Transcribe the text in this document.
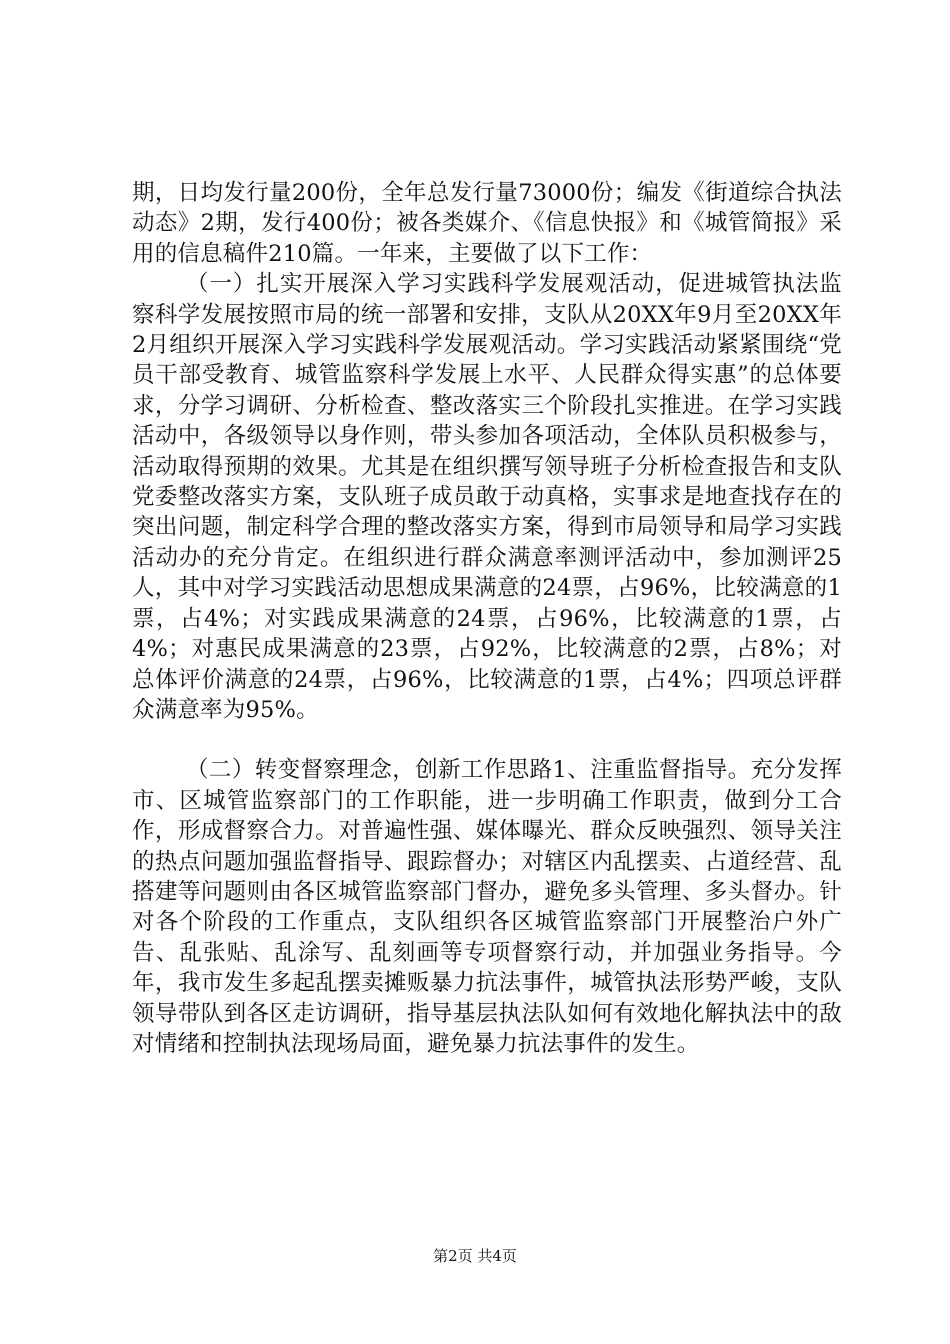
期，日均发行量200份，全年总发行量73000份；编发《街道综合执法动态》2期，发行400份；被各类媒介、《信息快报》和《城管简报》采用的信息稿件210篇。一年来，主要做了以下工作：

（一）扎实开展深入学习实践科学发展观活动，促进城管执法监察科学发展按照市局的统一部署和安排，支队从20XX年9月至20XX年2月组织开展深入学习实践科学发展观活动。学习实践活动紧紧围绕“党员干部受教育、城管监察科学发展上水平、人民群众得实惠”的总体要求，分学习调研、分析检查、整改落实三个阶段扎实推进。在学习实践活动中，各级领导以身作则，带头参加各项活动，全体队员积极参与，活动取得预期的效果。尤其是在组织撰写领导班子分析检查报告和支队党委整改落实方案，支队班子成员敢于动真格，实事求是地查找存在的突出问题，制定科学合理的整改落实方案，得到市局领导和局学习实践活动办的充分肯定。在组织进行群众满意率测评活动中，参加测评25人，其中对学习实践活动思想成果满意的24票，占96%，比较满意的1票，占4%；对实践成果满意的24票，占96%，比较满意的1票，占4%；对惠民成果满意的23票，占92%，比较满意的2票，占8%；对总体评价满意的24票，占96%，比较满意的1票，占4%；四项总评群众满意率为95%。

（二）转变督察理念，创新工作思路1、注重监督指导。充分发挥市、区城管监察部门的工作职能，进一步明确工作职责，做到分工合作，形成督察合力。对普遍性强、媒体曝光、群众反映强烈、领导关注的热点问题加强监督指导、跟踪督办；对辖区内乱摆卖、占道经营、乱搭建等问题则由各区城管监察部门督办，避免多头管理、多头督办。针对各个阶段的工作重点，支队组织各区城管监察部门开展整治户外广告、乱张贴、乱涂写、乱刻画等专项督察行动，并加强业务指导。今年，我市发生多起乱摆卖摊贩暴力抗法事件，城管执法形势严峻，支队领导带队到各区走访调研，指导基层执法队如何有效地化解执法中的敌对情绪和控制执法现场局面，避免暴力抗法事件的发生。

第2页 共4页
